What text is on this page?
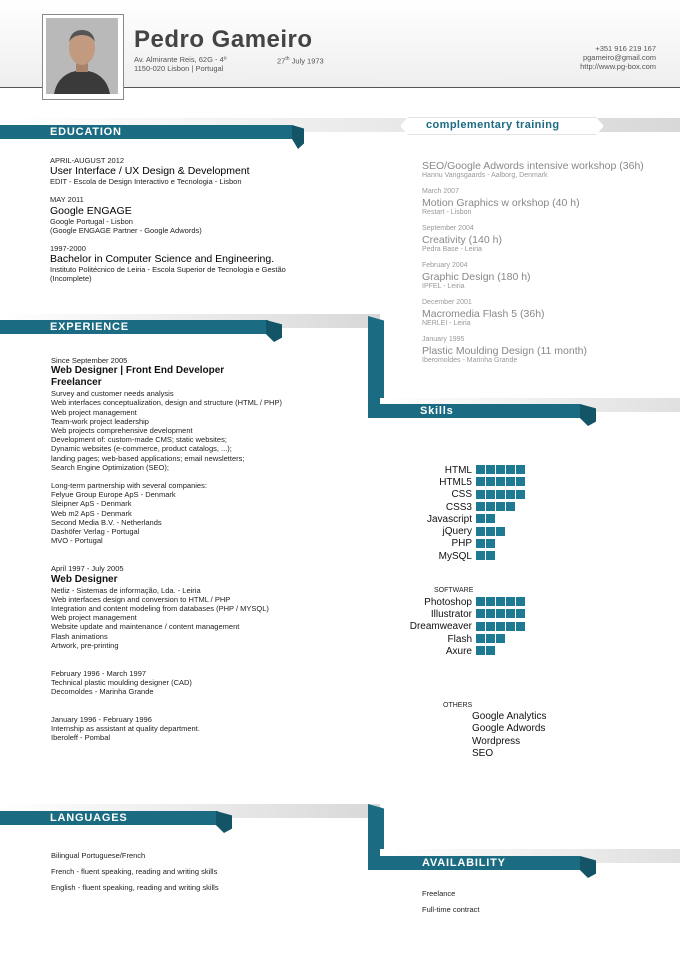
Pedro Gameiro
Av. Almirante Reis, 62G - 4º
1150-020 Lisbon | Portugal
27th July 1973
+351 916 219 167
pgameiro@gmail.com
http://www.pg-box.com
EDUCATION
complementary training
APRIL-AUGUST 2012
User Interface / UX Design & Development
EDIT - Escola de Design Interactivo e Tecnologia - Lisbon
MAY 2011
Google ENGAGE
Google Portugal - Lisbon
(Google ENGAGE Partner - Google Adwords)
1997-2000
Bachelor in Computer Science and Engineering.
Instituto Politécnico de Leiria - Escola Superior de Tecnologia e Gestão
(Incomplete)
SEO/Google Adwords intensive workshop (36h)
Hannu Vangsgaards - Aalborg, Denmark
March 2007
Motion Graphics w orkshop (40 h)
Restart - Lisbon
September 2004
Creativity (140 h)
Pedra Base - Leiria
February 2004
Graphic Design (180 h)
IPFEL - Leiria
December 2001
Macromedia Flash 5 (36h)
NERLEI - Leiria
January 1995
Plastic Moulding Design (11 month)
Iberomoldes - Marinha Grande
EXPERIENCE
Skills
Since September 2005
Web Designer | Front End Developer
Freelancer
Survey and customer needs analysis
Web interfaces conceptualization, design and structure (HTML / PHP)
Web project management
Team-work project leadership
Web projects comprehensive development
Development of: custom-made CMS; static websites;
Dynamic websites (e-commerce, product catalogs, ...);
landing pages; web-based applications; email newsletters;
Search Engine Optimization (SEO);
Long-term partnership with several companies:
Felyue Group Europe ApS - Denmark
Sleipner ApS - Denmark
Web m2 ApS - Denmark
Second Media B.V. - Netherlands
Dashöfer Verlag - Portugal
MVO - Portugal
April 1997 - July 2005
Web Designer
Netliz - Sistemas de informação, Lda. - Leiria
Web interfaces design and conversion to HTML / PHP
Integration and content modeling from databases (PHP / MYSQL)
Web project management
Website update and maintenance / content management
Flash animations
Artwork, pre-printing
February 1996 - March 1997
Technical plastic moulding designer (CAD)
Decomoldes - Marinha Grande
January 1996 - February 1996
Internship as assistant at quality department.
Iberoleff - Pombal
HTML
HTML5
CSS
CSS3
Javascript
jQuery
PHP
MySQL
SOFTWARE
Photoshop
Illustrator
Dreamweaver
Flash
Axure
OTHERS
Google Analytics
Google Adwords
Wordpress
SEO
LANGUAGES
AVAILABILITY
Bilingual Portuguese/French
French - fluent speaking, reading and writing skills
English - fluent speaking, reading and writing skills
Freelance
Full-time contract
